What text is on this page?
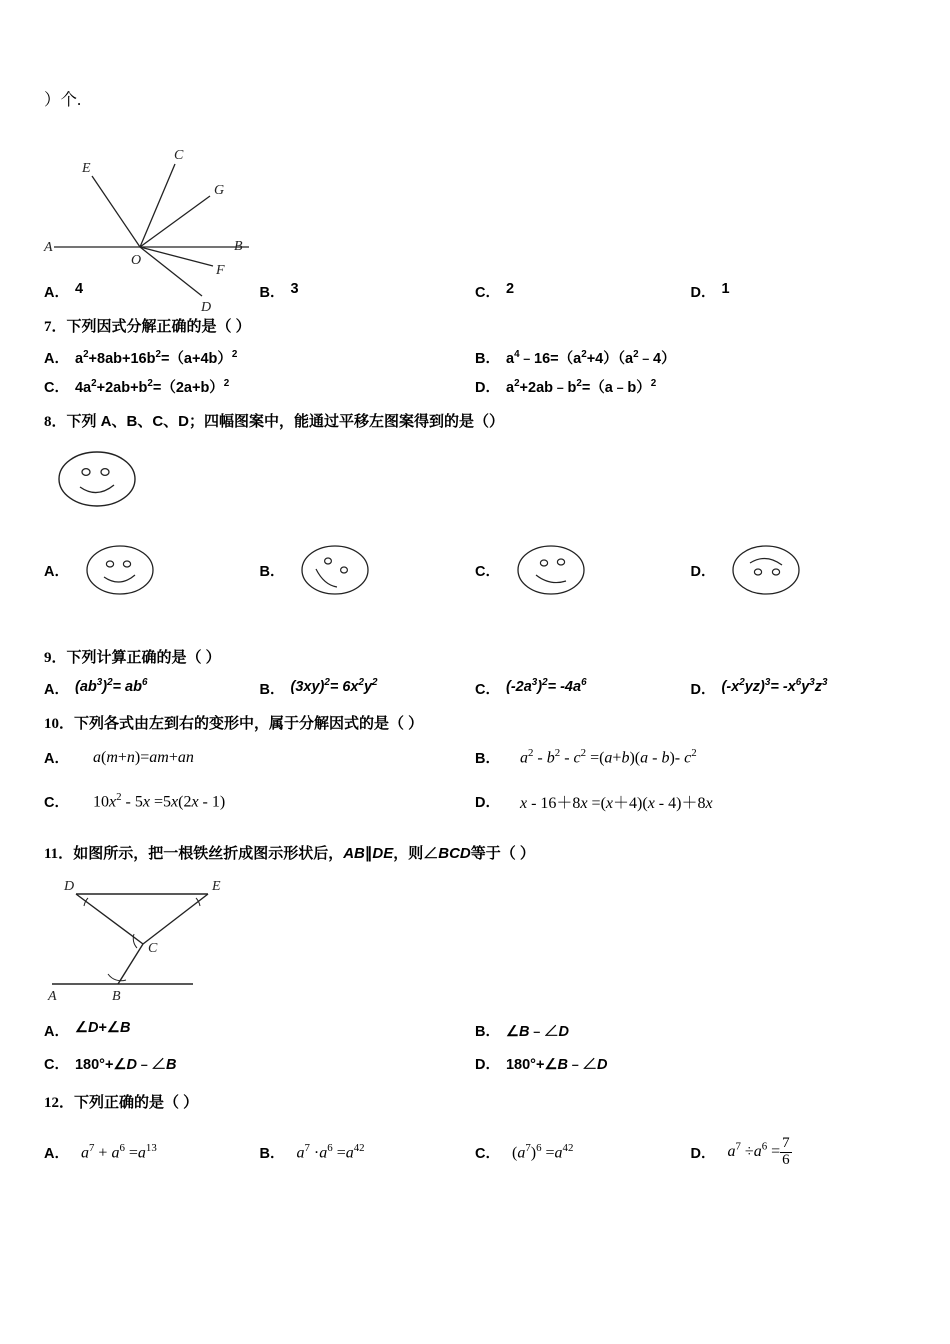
）个.
E
C
G
A
O
B
F
D
A． 4	B． 3	C． 2	D． 1
7．下列因式分解正确的是（ ）
A． $a^2+8ab+16b^2=(a+4b)^2$	B． $a^4﹣16=(a^2+4)(a^2﹣4)$
C． $4a^2+2ab+b^2=(2a+b)^2$	D． $a^2+2ab﹣b^2=(a﹣b)^2$
8．下列 A、B、C、D；四幅图案中，能通过平移左图案得到的是（）
A．	B．	C．	D．
9．下列计算正确的是（ ）
A． $(ab^3)^2= ab^6$	B． $(3xy)^2= 6x^2y^2$	C． $(-2a^3)^2= -4a^6$	D． $(-x^2yz)^3= -x^6y^3z^3$
10．下列各式由左到右的变形中，属于分解因式的是（ ）
A． a(m+n)=am+an	B． $a^2 - b^2 - c^2 =(a+b)(a - b)-$ $c^2$
C． $10x^2 - 5x =5x(2x - 1)$	D． x - 16＋8x =(x＋4)(x - 4)＋8x
11．如图所示，把一根铁丝折成图示形状后，AB∥DE，则∠BCD等于（ ）
D	E
C
A	B
A． ∠D+∠B	B． ∠B﹣∠D
C． 180°+∠D﹣∠B	D． 180°+∠B﹣∠D
12．下列正确的是（ ）
A． $a^7 + a^6 =a^{13}$	B． $a^7 \cdot a^6 =a^{42}$	C． $(a^7)^6 =a^{42}$	D． $a^7 \div a^6 = \frac{7}{6}$
